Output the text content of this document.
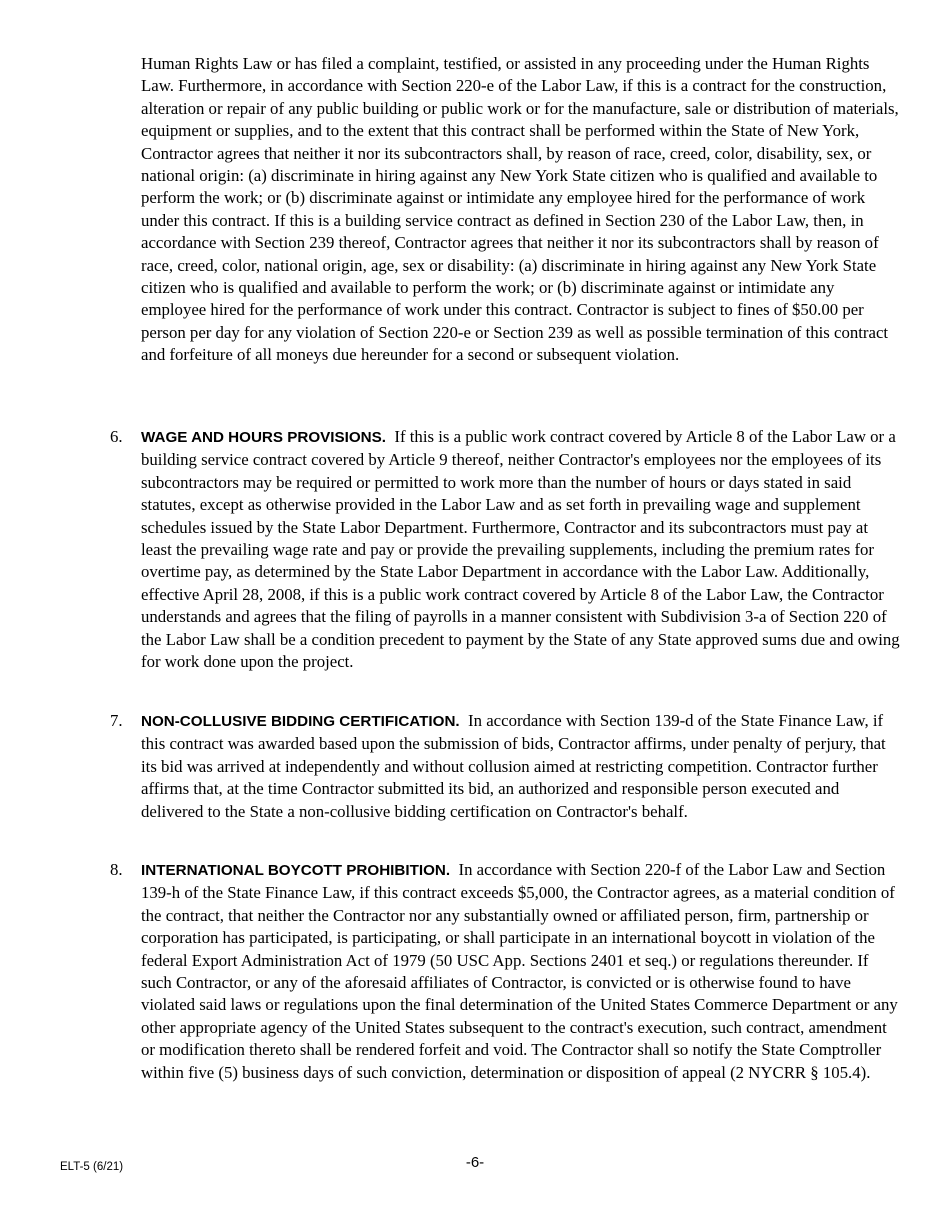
Human Rights Law or has filed a complaint, testified, or assisted in any proceeding under the Human Rights Law. Furthermore, in accordance with Section 220-e of the Labor Law, if this is a contract for the construction, alteration or repair of any public building or public work or for the manufacture, sale or distribution of materials, equipment or supplies, and to the extent that this contract shall be performed within the State of New York, Contractor agrees that neither it nor its subcontractors shall, by reason of race, creed, color, disability, sex, or national origin: (a) discriminate in hiring against any New York State citizen who is qualified and available to perform the work; or (b) discriminate against or intimidate any employee hired for the performance of work under this contract. If this is a building service contract as defined in Section 230 of the Labor Law, then, in accordance with Section 239 thereof, Contractor agrees that neither it nor its subcontractors shall by reason of race, creed, color, national origin, age, sex or disability: (a) discriminate in hiring against any New York State citizen who is qualified and available to perform the work; or (b) discriminate against or intimidate any employee hired for the performance of work under this contract. Contractor is subject to fines of $50.00 per person per day for any violation of Section 220-e or Section 239 as well as possible termination of this contract and forfeiture of all moneys due hereunder for a second or subsequent violation.

6.	WAGE AND HOURS PROVISIONS. If this is a public work contract covered by Article 8 of the Labor Law or a building service contract covered by Article 9 thereof, neither Contractor's employees nor the employees of its subcontractors may be required or permitted to work more than the number of hours or days stated in said statutes, except as otherwise provided in the Labor Law and as set forth in prevailing wage and supplement schedules issued by the State Labor Department. Furthermore, Contractor and its subcontractors must pay at least the prevailing wage rate and pay or provide the prevailing supplements, including the premium rates for overtime pay, as determined by the State Labor Department in accordance with the Labor Law. Additionally, effective April 28, 2008, if this is a public work contract covered by Article 8 of the Labor Law, the Contractor understands and agrees that the filing of payrolls in a manner consistent with Subdivision 3-a of Section 220 of the Labor Law shall be a condition precedent to payment by the State of any State approved sums due and owing for work done upon the project.

7.	NON-COLLUSIVE BIDDING CERTIFICATION. In accordance with Section 139-d of the State Finance Law, if this contract was awarded based upon the submission of bids, Contractor affirms, under penalty of perjury, that its bid was arrived at independently and without collusion aimed at restricting competition. Contractor further affirms that, at the time Contractor submitted its bid, an authorized and responsible person executed and delivered to the State a non-collusive bidding certification on Contractor's behalf.

8.	INTERNATIONAL BOYCOTT PROHIBITION. In accordance with Section 220-f of the Labor Law and Section 139-h of the State Finance Law, if this contract exceeds $5,000, the Contractor agrees, as a material condition of the contract, that neither the Contractor nor any substantially owned or affiliated person, firm, partnership or corporation has participated, is participating, or shall participate in an international boycott in violation of the federal Export Administration Act of 1979 (50 USC App. Sections 2401 et seq.) or regulations thereunder. If such Contractor, or any of the aforesaid affiliates of Contractor, is convicted or is otherwise found to have violated said laws or regulations upon the final determination of the United States Commerce Department or any other appropriate agency of the United States subsequent to the contract's execution, such contract, amendment or modification thereto shall be rendered forfeit and void. The Contractor shall so notify the State Comptroller within five (5) business days of such conviction, determination or disposition of appeal (2 NYCRR § 105.4).

ELT-5 (6/21)	-6-
